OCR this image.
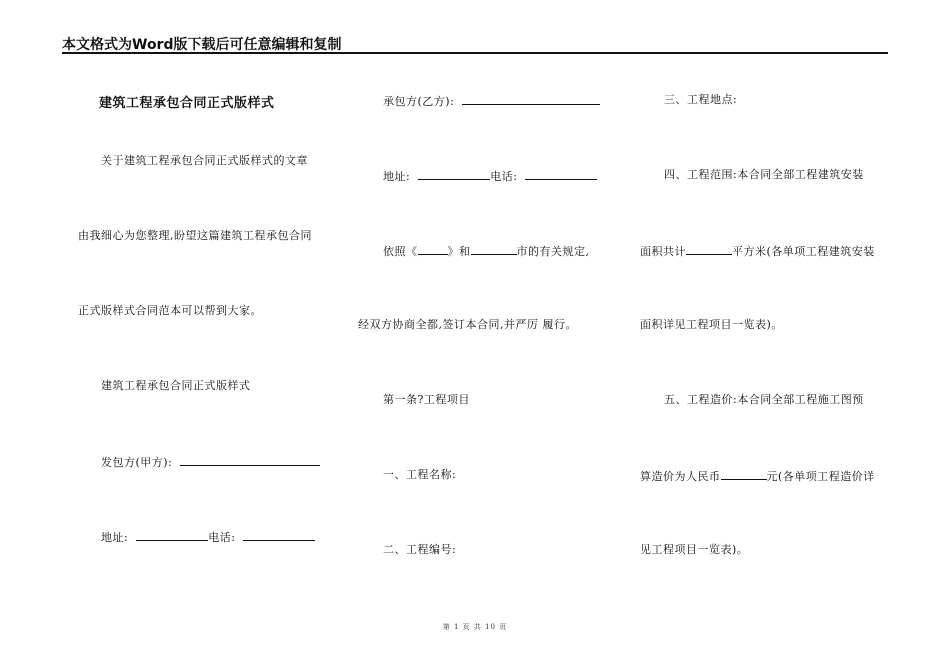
本文格式为Word版下载后可任意编辑和复制
建筑工程承包合同正式版样式
关于建筑工程承包合同正式版样式的文章
由我细心为您整理,盼望这篇建筑工程承包合同
正式版样式合同范本可以帮到大家。
建筑工程承包合同正式版样式
发包方(甲方):
地址:	电话:
承包方(乙方):
地址:	电话:
依照《	》和	市的有关规定,
经双方协商全都,签订本合同,并严厉 履行。
第一条?工程项目
一、工程名称:
二、工程编号:
三、工程地点:
四、工程范围:本合同全部工程建筑安装
面积共计	平方米(各单项工程建筑安装
面积详见工程项目一览表)。
五、工程造价:本合同全部工程施工图预
算造价为人民币	元(各单项工程造价详
见工程项目一览表)。
第 1 页 共 10 页
